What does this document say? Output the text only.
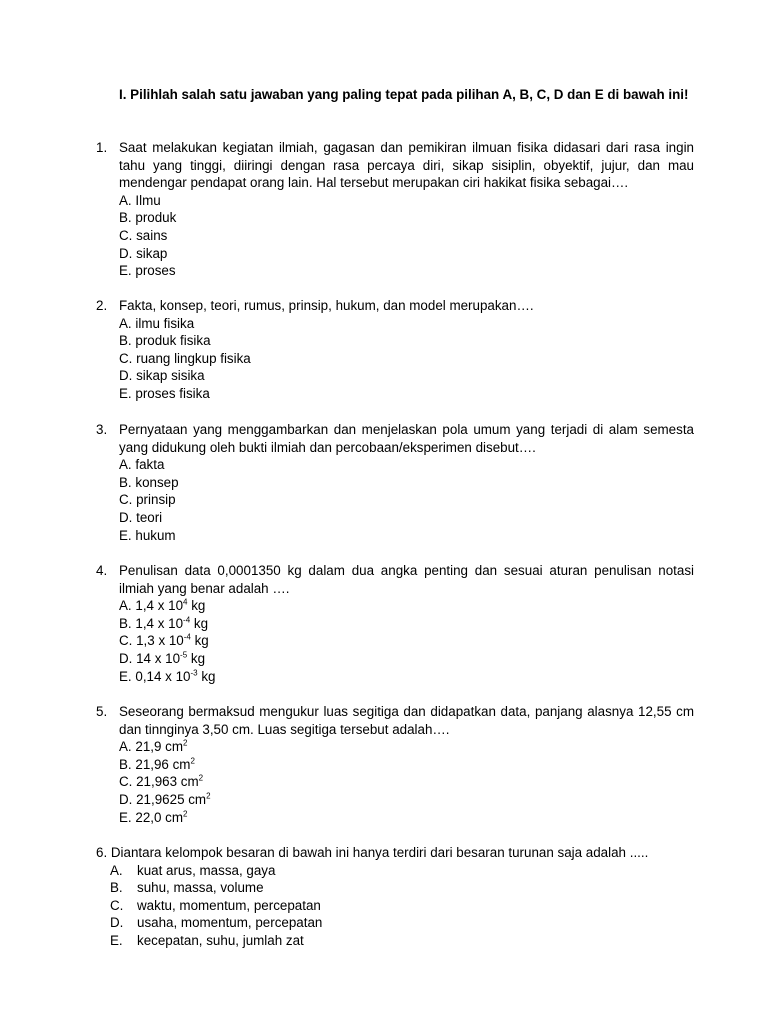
I. Pilihlah salah satu jawaban yang paling tepat pada pilihan A, B, C, D dan E di bawah ini!
1. Saat melakukan kegiatan ilmiah, gagasan dan pemikiran ilmuan fisika didasari dari rasa ingin tahu yang tinggi, diiringi dengan rasa percaya diri, sikap sisiplin, obyektif, jujur, dan mau mendengar pendapat orang lain. Hal tersebut merupakan ciri hakikat fisika sebagai….
A. Ilmu
B. produk
C. sains
D. sikap
E. proses
2. Fakta, konsep, teori, rumus, prinsip, hukum, dan model merupakan….
A. ilmu fisika
B. produk fisika
C. ruang lingkup fisika
D. sikap sisika
E. proses fisika
3. Pernyataan yang menggambarkan dan menjelaskan pola umum yang terjadi di alam semesta yang didukung oleh bukti ilmiah dan percobaan/eksperimen disebut….
A. fakta
B. konsep
C. prinsip
D. teori
E. hukum
4. Penulisan data 0,0001350 kg dalam dua angka penting dan sesuai aturan penulisan notasi ilmiah yang benar adalah ….
A. 1,4 x $10^4$ kg
B. 1,4 x $10^{-4}$ kg
C. 1,3 x $10^{-4}$ kg
D. 14 x $10^{-5}$ kg
E. 0,14 x $10^{-3}$ kg
5. Seseorang bermaksud mengukur luas segitiga dan didapatkan data, panjang alasnya 12,55 cm dan tinnginya 3,50 cm. Luas segitiga tersebut adalah….
A. 21,9 $cm^2$
B. 21,96 $cm^2$
C. 21,963 $cm^2$
D. 21,9625 $cm^2$
E. 22,0 $cm^2$
6. Diantara kelompok besaran di bawah ini hanya terdiri dari besaran turunan saja adalah .....
A. kuat arus, massa, gaya
B. suhu, massa, volume
C. waktu, momentum, percepatan
D. usaha, momentum, percepatan
E. kecepatan, suhu, jumlah zat
